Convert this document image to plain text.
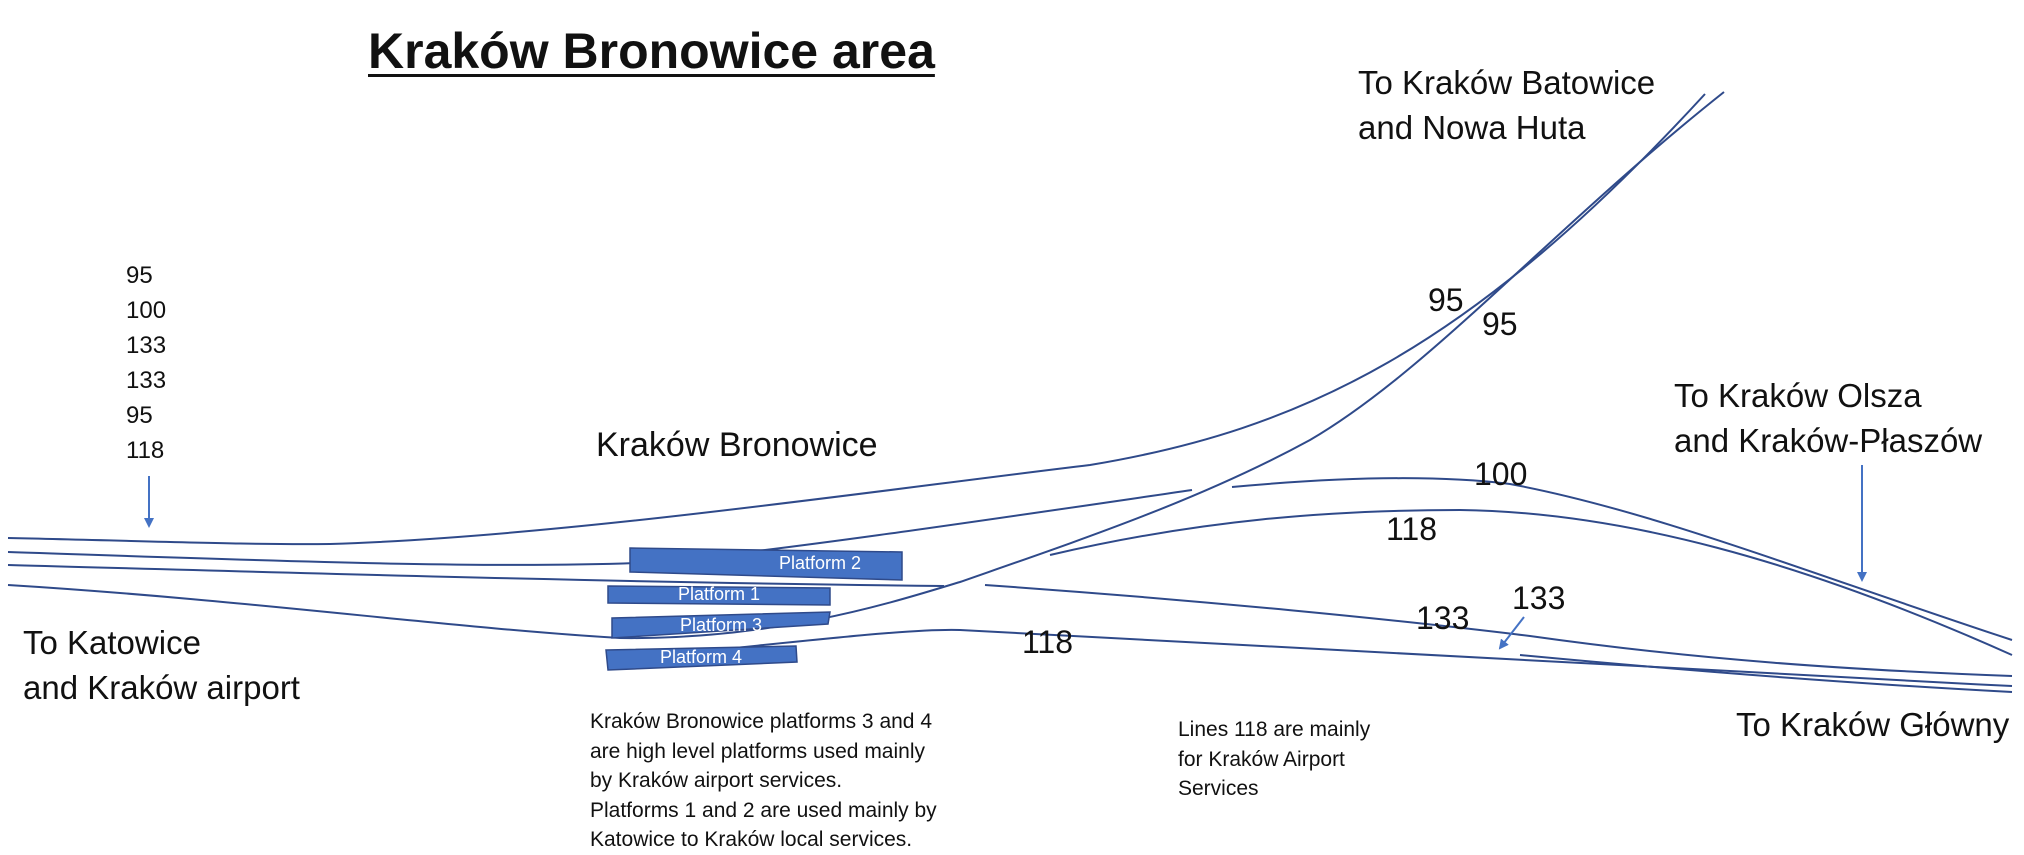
Kraków Bronowice area
To Kraków Batowice
and Nowa Huta
To Kraków Olsza
and Kraków-Płaszów
To Katowice
and Kraków airport
To Kraków Główny
Kraków Bronowice
95
100
133
133
95
118
95
95
100
118
133
133
118
Platform 2
Platform 1
Platform 3
Platform 4
Kraków Bronowice platforms 3 and 4
are high level platforms used mainly
by Kraków airport services.
Platforms 1 and 2 are used mainly by
Katowice to Kraków local services.
Lines 118 are mainly
for Kraków Airport
Services
